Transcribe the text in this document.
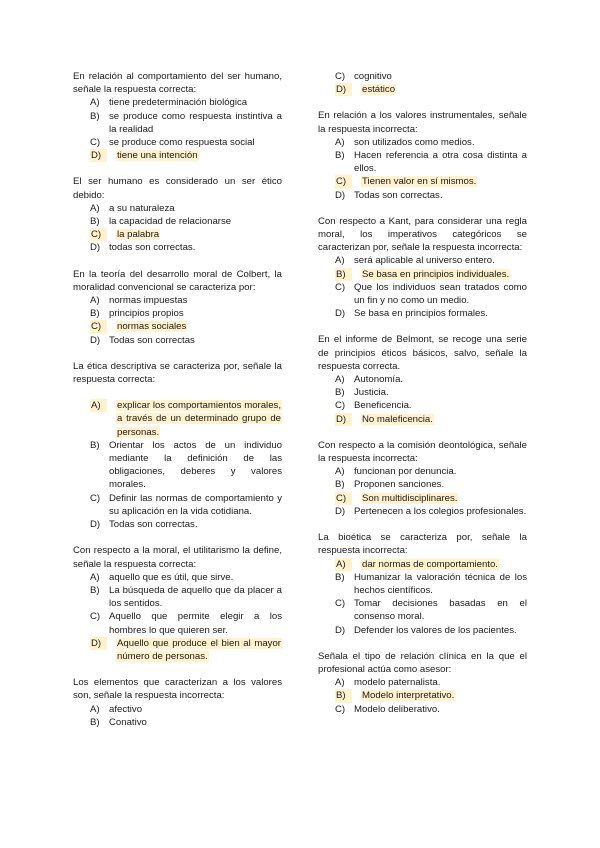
En relación al comportamiento del ser humano, señale la respuesta correcta:

A) tiene predeterminación biológica
B) se produce como respuesta instintiva a la realidad
C) se produce como respuesta social
D)	tiene una intención

El ser humano es considerado un ser ético debido:

A) a su naturaleza
B) la capacidad de relacionarse
C)	la palabra
D) todas son correctas.

En la teoría del desarrollo moral de Colbert, la moralidad convencional se caracteriza por:

A) normas impuestas
B) principios propios
C)	normas sociales
D) Todas son correctas

La ética descriptiva se caracteriza por, señale la respuesta correcta:

A)	explicar los comportamientos morales, a través de un determinado grupo de personas.
B) Orientar los actos de un individuo mediante la definición de las obligaciones, deberes y valores morales.
C) Definir las normas de comportamiento y su aplicación en la vida cotidiana.
D) Todas son correctas.

Con respecto a la moral, el utilitarismo la define, señale la respuesta correcta:

A) aquello que es útil, que sirve.
B) La búsqueda de aquello que da placer a los sentidos.
C) Aquello que permite elegir a los hombres lo que quieren ser.
D)	Aquello que produce el bien al mayor número de personas.

Los elementos que caracterizan a los valores son, señale la respuesta incorrecta:

A) afectivo
B) Conativo
C) cognitivo
D)	estático

En relación a los valores instrumentales, señale la respuesta incorrecta:

A) son utilizados como medios.
B) Hacen referencia a otra cosa distinta a ellos.
C)	Tienen valor en sí mismos.
D) Todas son correctas.

Con respecto a Kant, para considerar una regla moral, los imperativos categóricos se caracterizan por, señale la respuesta incorrecta:

A) será aplicable al universo entero.
B)	Se basa en principios individuales.
C) Que los individuos sean tratados como un fin y no como un medio.
D) Se basa en principios formales.

En el informe de Belmont, se recoge una serie de principios éticos básicos, salvo, señale la respuesta correcta.

A) Autonomía.
B) Justicia.
C) Beneficencia.
D)	No maleficencia.

Con respecto a la comisión deontológica, señale la respuesta incorrecta:

A) funcionan por denuncia.
B) Proponen sanciones.
C)	Son multidisciplinares.
D) Pertenecen a los colegios profesionales.

La bioética se caracteriza por, señale la respuesta incorrecta:

A)	dar normas de comportamiento.
B) Humanizar la valoración técnica de los hechos científicos.
C) Tomar decisiones basadas en el consenso moral.
D) Defender los valores de los pacientes.

Señala el tipo de relación clínica en la que el profesional actúa como asesor:

A) modelo paternalista.
B)	Modelo interpretativo.
C) Modelo deliberativo.
